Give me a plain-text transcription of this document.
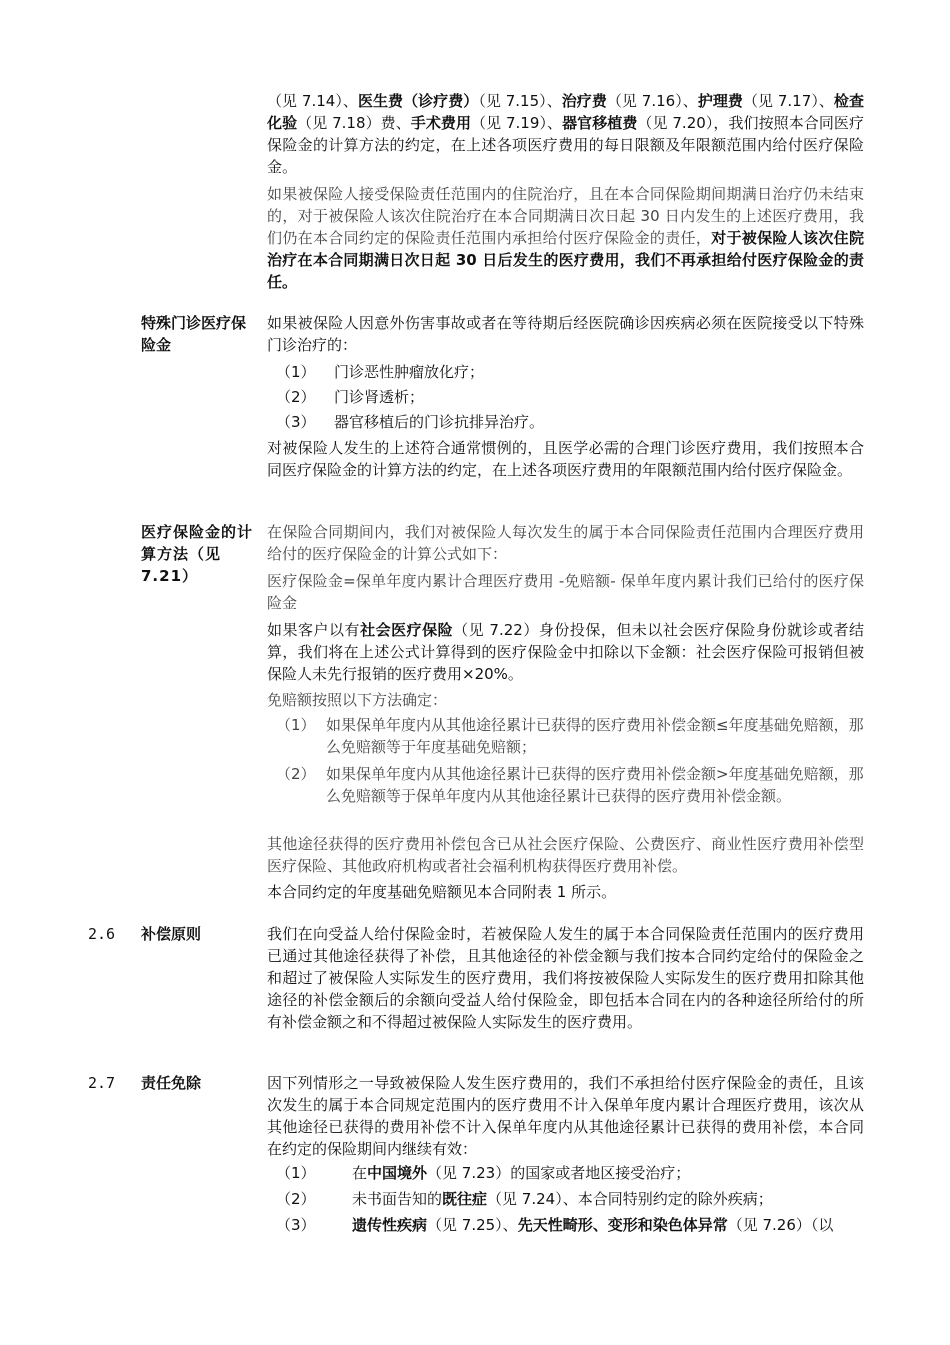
（见 7.14）、医生费（诊疗费）（见 7.15）、治疗费（见 7.16）、护理费（见 7.17）、检查化验（见 7.18）费、手术费用（见 7.19）、器官移植费（见 7.20），我们按照本合同医疗保险金的计算方法的约定，在上述各项医疗费用的每日限额及年限额范围内给付医疗保险金。

如果被保险人接受保险责任范围内的住院治疗，且在本合同保险期间期满日治疗仍未结束的，对于被保险人该次住院治疗在本合同期满日次日起 30 日内发生的上述医疗费用，我们仍在本合同约定的保险责任范围内承担给付医疗保险金的责任，对于被保险人该次住院治疗在本合同期满日次日起 30 日后发生的医疗费用，我们不再承担给付医疗保险金的责任。

特殊门诊医疗保险金

如果被保险人因意外伤害事故或者在等待期后经医院确诊因疾病必须在医院接受以下特殊门诊治疗的：

（1）	门诊恶性肿瘤放化疗；
（2）	门诊肾透析；
（3）	器官移植后的门诊抗排异治疗。

对被保险人发生的上述符合通常惯例的，且医学必需的合理门诊医疗费用，我们按照本合同医疗保险金的计算方法的约定，在上述各项医疗费用的年限额范围内给付医疗保险金。

医疗保险金的计算方法（见 7.21）

在保险合同期间内，我们对被保险人每次发生的属于本合同保险责任范围内合理医疗费用给付的医疗保险金的计算公式如下：

医疗保险金=保单年度内累计合理医疗费用 -免赔额- 保单年度内累计我们已给付的医疗保险金

如果客户以有社会医疗保险（见 7.22）身份投保，但未以社会医疗保险身份就诊或者结算，我们将在上述公式计算得到的医疗保险金中扣除以下金额：社会医疗保险可报销但被保险人未先行报销的医疗费用×20%。

免赔额按照以下方法确定：

（1） 如果保单年度内从其他途径累计已获得的医疗费用补偿金额≤年度基础免赔额，那么免赔额等于年度基础免赔额；
（2） 如果保单年度内从其他途径累计已获得的医疗费用补偿金额>年度基础免赔额，那么免赔额等于保单年度内从其他途径累计已获得的医疗费用补偿金额。

其他途径获得的医疗费用补偿包含已从社会医疗保险、公费医疗、商业性医疗费用补偿型医疗保险、其他政府机构或者社会福利机构获得医疗费用补偿。

本合同约定的年度基础免赔额见本合同附表 1 所示。

2.6 补偿原则	我们在向受益人给付保险金时，若被保险人发生的属于本合同保险责任范围内的医疗费用已通过其他途径获得了补偿，且其他途径的补偿金额与我们按本合同约定给付的保险金之和超过了被保险人实际发生的医疗费用，我们将按被保险人实际发生的医疗费用扣除其他途径的补偿金额后的余额向受益人给付保险金，即包括本合同在内的各种途径所给付的所有补偿金额之和不得超过被保险人实际发生的医疗费用。

2.7 责任免除	因下列情形之一导致被保险人发生医疗费用的，我们不承担给付医疗保险金的责任，且该次发生的属于本合同规定范围内的医疗费用不计入保单年度内累计合理医疗费用，该次从其他途径已获得的费用补偿不计入保单年度内从其他途径累计已获得的费用补偿，本合同在约定的保险期间内继续有效：

（1）	在中国境外（见 7.23）的国家或者地区接受治疗；
（2）	未书面告知的既往症（见 7.24）、本合同特别约定的除外疾病；
（3）	遗传性疾病（见 7.25）、先天性畸形、变形和染色体异常（见 7.26）（以
